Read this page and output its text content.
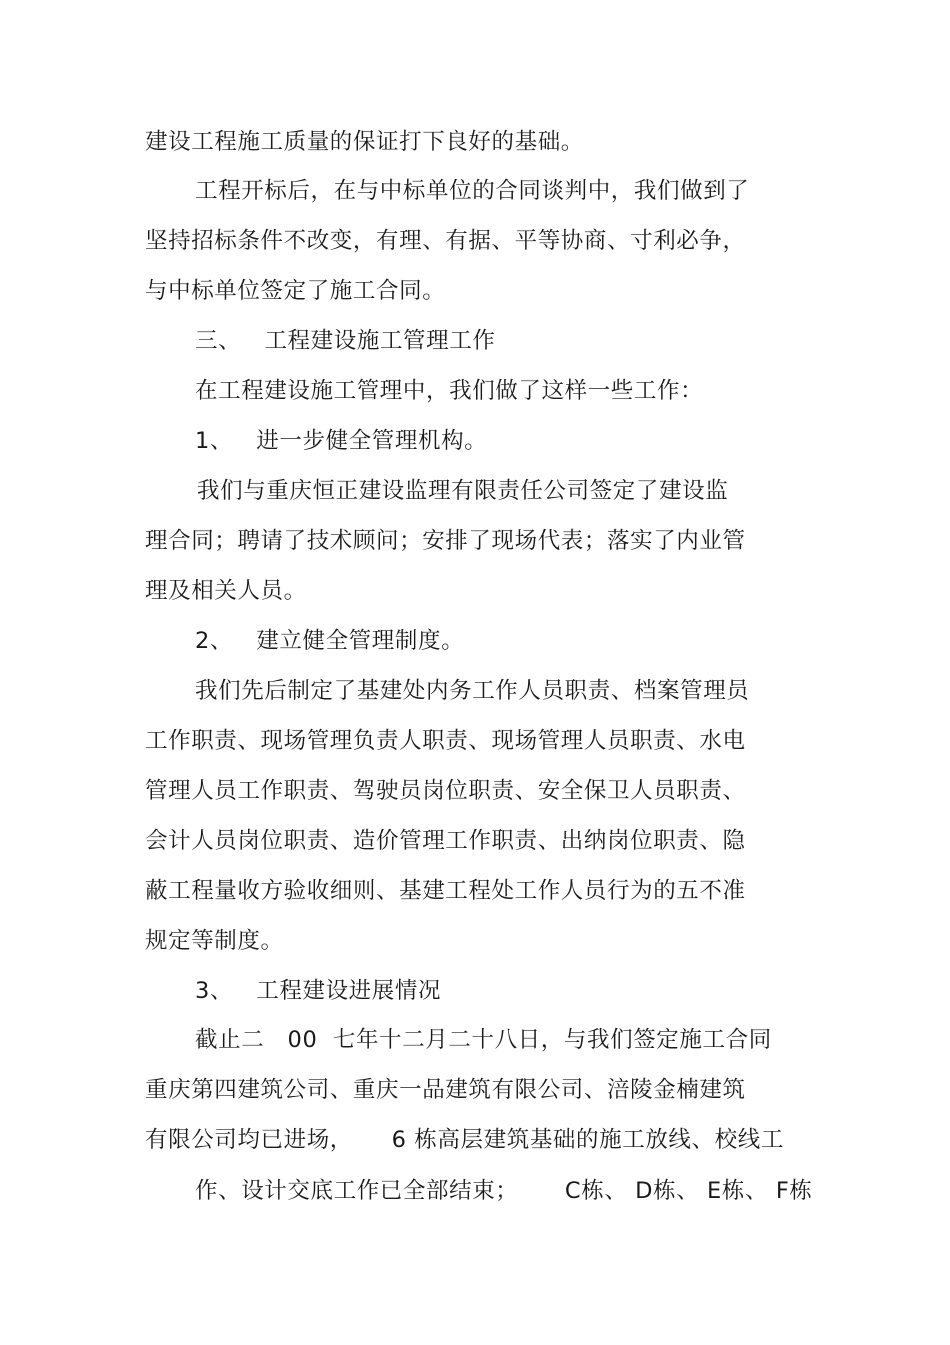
建设工程施工质量的保证打下良好的基础。
工程开标后，在与中标单位的合同谈判中，我们做到了
坚持招标条件不改变，有理、有据、平等协商、寸利必争，
与中标单位签定了施工合同。
三、   工程建设施工管理工作
在工程建设施工管理中，我们做了这样一些工作：
1、   进一步健全管理机构。
我们与重庆恒正建设监理有限责任公司签定了建设监
理合同；聘请了技术顾问；安排了现场代表；落实了内业管
理及相关人员。
2、   建立健全管理制度。
我们先后制定了基建处内务工作人员职责、档案管理员
工作职责、现场管理负责人职责、现场管理人员职责、水电
管理人员工作职责、驾驶员岗位职责、安全保卫人员职责、
会计人员岗位职责、造价管理工作职责、出纳岗位职责、隐
蔽工程量收方验收细则、基建工程处工作人员行为的五不准
规定等制度。
3、   工程建设进展情况
截止二   00  七年十二月二十八日，与我们签定施工合同
重庆第四建筑公司、重庆一品建筑有限公司、涪陵金楠建筑
有限公司均已进场，     6 栋高层建筑基础的施工放线、校线工
作、设计交底工作已全部结束；      C栋、 D栋、 E栋、 F栋
